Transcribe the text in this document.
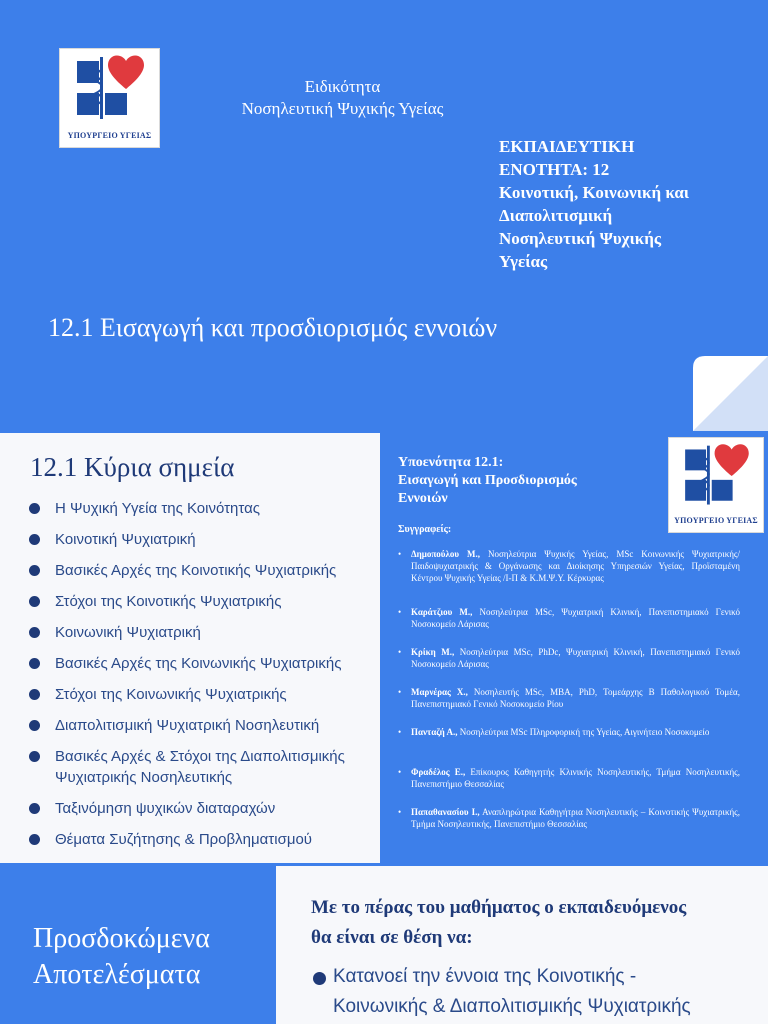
ΥΠΟΥΡΓΕΙΟ ΥΓΕΙΑΣ
Ειδικότητα
Νοσηλευτική Ψυχικής Υγείας
ΕΚΠΑΙΔΕΥΤΙΚΗ
ΕΝΟΤΗΤΑ: 12
Κοινοτική, Κοινωνική και
Διαπολιτισμική
Νοσηλευτική Ψυχικής
Υγείας
12.1 Εισαγωγή και προσδιορισμός εννοιών
12.1 Κύρια σημεία
Η Ψυχική Υγεία της Κοινότητας
Κοινοτική Ψυχιατρική
Βασικές Αρχές της Κοινοτικής Ψυχιατρικής
Στόχοι της Κοινοτικής Ψυχιατρικής
Κοινωνική Ψυχιατρική
Βασικές Αρχές της Κοινωνικής Ψυχιατρικής
Στόχοι της Κοινωνικής Ψυχιατρικής
Διαπολιτισμική Ψυχιατρική Νοσηλευτική
Βασικές Αρχές & Στόχοι της Διαπολιτισμικής Ψυχιατρικής Νοσηλευτικής
Ταξινόμηση ψυχικών διαταραχών
Θέματα Συζήτησης & Προβληματισμού
Υποενότητα 12.1:
Εισαγωγή και Προσδιορισμός
Εννοιών
ΥΠΟΥΡΓΕΙΟ ΥΓΕΙΑΣ
Συγγραφείς:
• Δημοπούλου Μ., Νοσηλεύτρια Ψυχικής Υγείας, MSc Κοινωνικής Ψυχιατρικής/Παιδοψυχιατρικής & Οργάνωσης και Διοίκησης Υπηρεσιών Υγείας, Προϊσταμένη Κέντρου Ψυχικής Υγείας /Ι-Π & Κ.Μ.Ψ.Υ. Κέρκυρας
• Καράτζιου Μ., Νοσηλεύτρια MSc, Ψυχιατρική Κλινική, Πανεπιστημιακό Γενικό Νοσοκομείο Λάρισας
• Κρίκη Μ., Νοσηλεύτρια MSc, PhDc, Ψυχιατρική Κλινική, Πανεπιστημιακό Γενικό Νοσοκομείο Λάρισας
• Μαρνέρας Χ., Νοσηλευτής MSc, MBA, PhD, Τομεάρχης Β Παθολογικού Τομέα, Πανεπιστημιακό Γενικό Νοσοκομείο Ρίου
• Πανταζή Α., Νοσηλεύτρια MSc Πληροφορική της Υγείας, Αιγινήτειο Νοσοκομείο
• Φραδέλος Ε., Επίκουρος Καθηγητής Κλινικής Νοσηλευτικής, Τμήμα Νοσηλευτικής, Πανεπιστήμιο Θεσσαλίας
• Παπαθανασίου Ι., Αναπληρώτρια Καθηγήτρια Νοσηλευτικής – Κοινοτικής Ψυχιατρικής, Τμήμα Νοσηλευτικής, Πανεπιστήμιο Θεσσαλίας
Προσδοκώμενα
Αποτελέσματα
Με το πέρας του μαθήματος ο εκπαιδευόμενος
θα είναι σε θέση να:
Κατανοεί την έννοια της Κοινοτικής -
Κοινωνικής & Διαπολιτισμικής Ψυχιατρικής
